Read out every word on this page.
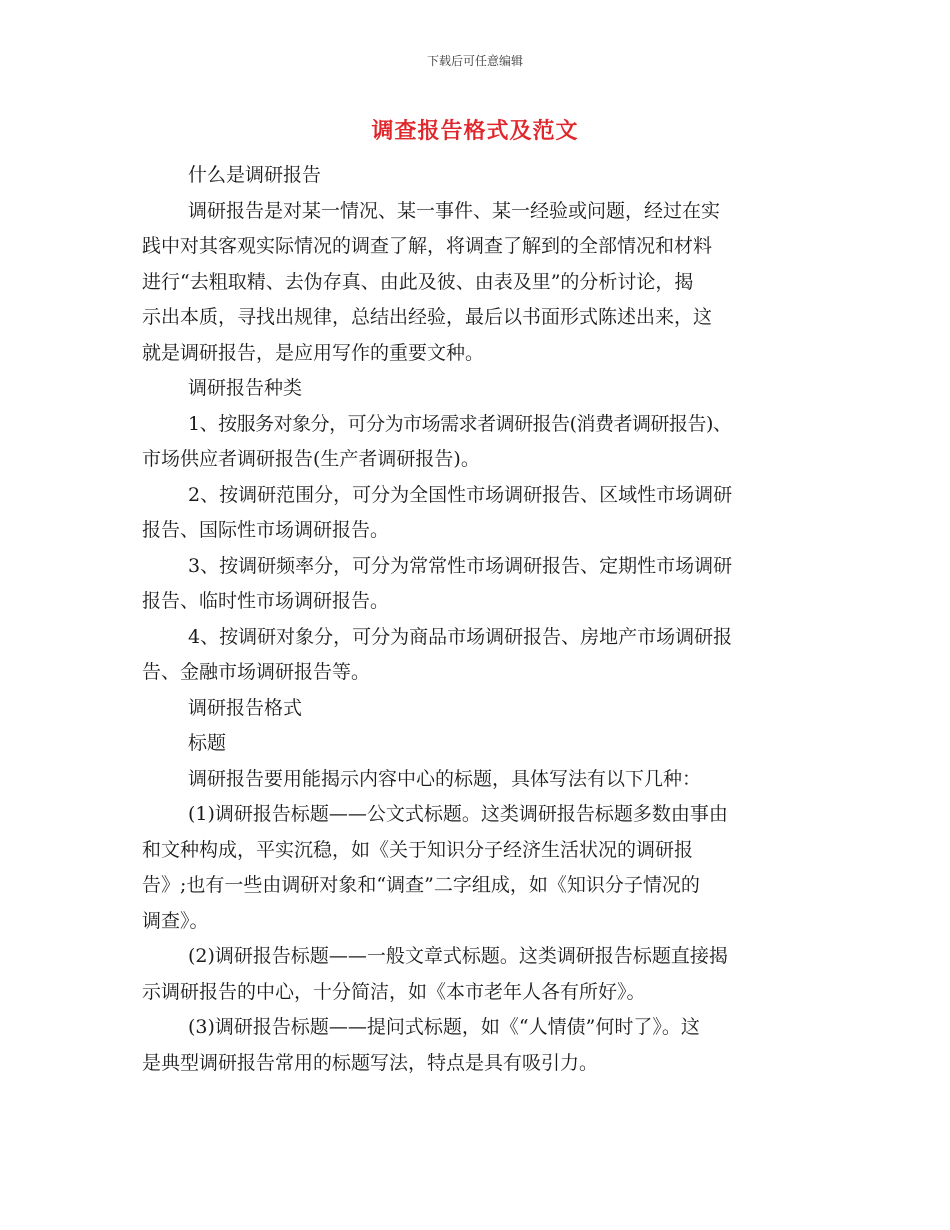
下载后可任意编辑
调查报告格式及范文
什么是调研报告
调研报告是对某一情况、某一事件、某一经验或问题，经过在实
践中对其客观实际情况的调查了解，将调查了解到的全部情况和材料
进行“去粗取精、去伪存真、由此及彼、由表及里”的分析讨论，揭
示出本质，寻找出规律，总结出经验，最后以书面形式陈述出来，这
就是调研报告，是应用写作的重要文种。
调研报告种类
1、按服务对象分，可分为市场需求者调研报告(消费者调研报告)、
市场供应者调研报告(生产者调研报告)。
2、按调研范围分，可分为全国性市场调研报告、区域性市场调研
报告、国际性市场调研报告。
3、按调研频率分，可分为常常性市场调研报告、定期性市场调研
报告、临时性市场调研报告。
4、按调研对象分，可分为商品市场调研报告、房地产市场调研报
告、金融市场调研报告等。
调研报告格式
标题
调研报告要用能揭示内容中心的标题，具体写法有以下几种：
(1)调研报告标题——公文式标题。这类调研报告标题多数由事由
和文种构成，平实沉稳，如《关于知识分子经济生活状况的调研报
告》;也有一些由调研对象和“调查”二字组成，如《知识分子情况的
调查》。
(2)调研报告标题——一般文章式标题。这类调研报告标题直接揭
示调研报告的中心，十分简洁，如《本市老年人各有所好》。
(3)调研报告标题——提问式标题，如《“人情债”何时了》。这
是典型调研报告常用的标题写法，特点是具有吸引力。
